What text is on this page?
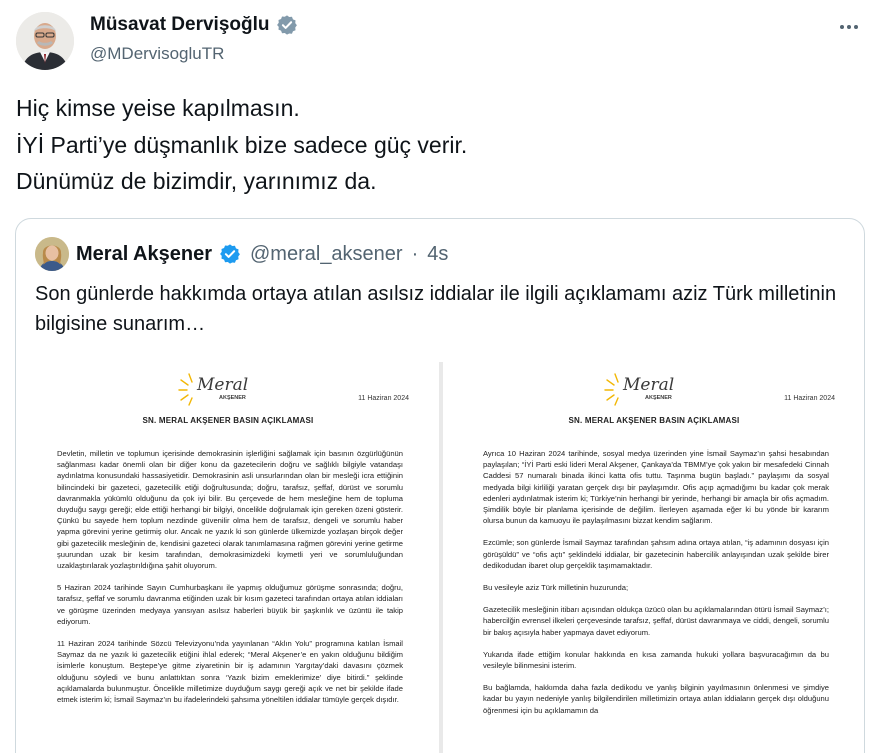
Müsavat Dervişoğlu
@MDervisogluTR
Hiç kimse yeise kapılmasın.
İYİ Parti’ye düşmanlık bize sadece güç verir.
Dünümüz de bizimdir, yarınımız da.
Meral Akşener @meral_aksener · 4s
Son günlerde hakkımda ortaya atılan asılsız iddialar ile ilgili açıklamamı aziz Türk milletinin bilgisine sunarım…
Meral
AKŞENER	11 Haziran 2024
SN. MERAL AKŞENER BASIN AÇIKLAMASI

Devletin, milletin ve toplumun içerisinde demokrasinin işlerliğini sağlamak için basının özgürlüğünün sağlanması kadar önemli olan bir diğer konu da gazetecilerin doğru ve sağlıklı bilgiyle vatandaşı aydınlatma konusundaki hassasiyetidir. Demokrasinin asli unsurlarından olan bir mesleği icra ettiğinin bilincindeki bir gazeteci, gazetecilik etiği doğrultusunda; doğru, tarafsız, şeffaf, dürüst ve sorumlu davranmakla yükümlü olduğunu da çok iyi bilir. Bu çerçevede de hem mesleğine hem de topluma duyduğu saygı gereği; elde ettiği herhangi bir bilgiyi, öncelikle doğrulamak için gereken özeni gösterir. Çünkü bu sayede hem toplum nezdinde güvenilir olma hem de tarafsız, dengeli ve sorumlu haber yapma görevini yerine getirmiş olur. Ancak ne yazık ki son günlerde ülkemizde yozlaşan birçok değer gibi gazetecilik mesleğinin de, kendisini gazeteci olarak tanımlamasına rağmen görevini yerine getirme şuurundan uzak bir kesim tarafından, demokrasimizdeki kıymetli yeri ve sorumluluğundan uzaklaştırılarak yozlaştırıldığına şahit oluyorum.

5 Haziran 2024 tarihinde Sayın Cumhurbaşkanı ile yapmış olduğumuz görüşme sonrasında; doğru, tarafsız, şeffaf ve sorumlu davranma etiğinden uzak bir kısım gazeteci tarafından ortaya atılan iddiaları ve görüşme üzerinden medyaya yansıyan asılsız haberleri büyük bir şaşkınlık ve üzüntü ile takip ediyorum.

11 Haziran 2024 tarihinde Sözcü Televizyonu’nda yayınlanan “Aklın Yolu” programına katılan İsmail Saymaz da ne yazık ki gazetecilik etiğini ihlal ederek; “Meral Akşener’e en yakın olduğunu bildiğim isimlerle konuştum. Beştepe’ye gitme ziyaretinin bir iş adamının Yargıtay’daki davasını çözmek olduğunu söyledi ve bunu anlattıktan sonra ‘Yazık bizim emeklerimize’ diye bitirdi.” şeklinde açıklamalarda bulunmuştur. Öncelikle milletimize duyduğum saygı gereği açık ve net bir şekilde ifade etmek isterim ki; İsmail Saymaz’ın bu ifadelerindeki şahsıma yöneltilen iddialar tümüyle gerçek dışıdır.

Meral
AKŞENER	11 Haziran 2024
SN. MERAL AKŞENER BASIN AÇIKLAMASI

Ayrıca 10 Haziran 2024 tarihinde, sosyal medya üzerinden yine İsmail Saymaz’ın şahsi hesabından paylaşılan; “İYİ Parti eski lideri Meral Akşener, Çankaya’da TBMM’ye çok yakın bir mesafedeki Cinnah Caddesi 57 numaralı binada ikinci katta ofis tuttu. Taşınma bugün başladı.” paylaşımı da sosyal medyada bilgi kirliliği yaratan gerçek dışı bir paylaşımdır. Ofis açıp açmadığımı bu kadar çok merak edenleri aydınlatmak isterim ki; Türkiye’nin herhangi bir yerinde, herhangi bir amaçla bir ofis açmadım. Şimdilik böyle bir planlama içerisinde de değilim. İlerleyen aşamada eğer ki bu yönde bir kararım olursa bunun da kamuoyu ile paylaşılmasını bizzat kendim sağlarım.

Ezcümle; son günlerde İsmail Saymaz tarafından şahsım adına ortaya atılan, “iş adamının dosyası için görüşüldü” ve “ofis açtı” şeklindeki iddialar, bir gazetecinin habercilik anlayışından uzak şekilde birer dedikodudan ibaret olup gerçeklik taşımamaktadır.

Bu vesileyle aziz Türk milletinin huzurunda;

Gazetecilik mesleğinin itibarı açısından oldukça üzücü olan bu açıklamalarından ötürü İsmail Saymaz’ı; habercilğin evrensel ilkeleri çerçevesinde tarafsız, şeffaf, dürüst davranmaya ve ciddi, dengeli, sorumlu bir bakış açısıyla haber yapmaya davet ediyorum.

Yukarıda ifade ettiğim konular hakkında en kısa zamanda hukuki yollara başvuracağımın da bu vesileyle bilinmesini isterim.

Bu bağlamda, hakkımda daha fazla dedikodu ve yanlış bilginin yayılmasının önlenmesi ve şimdiye kadar bu yayın nedeniyle yanlış bilgilendirilen milletimizin ortaya atılan iddiaların gerçek dışı olduğunu öğrenmesi için bu açıklamamın da
